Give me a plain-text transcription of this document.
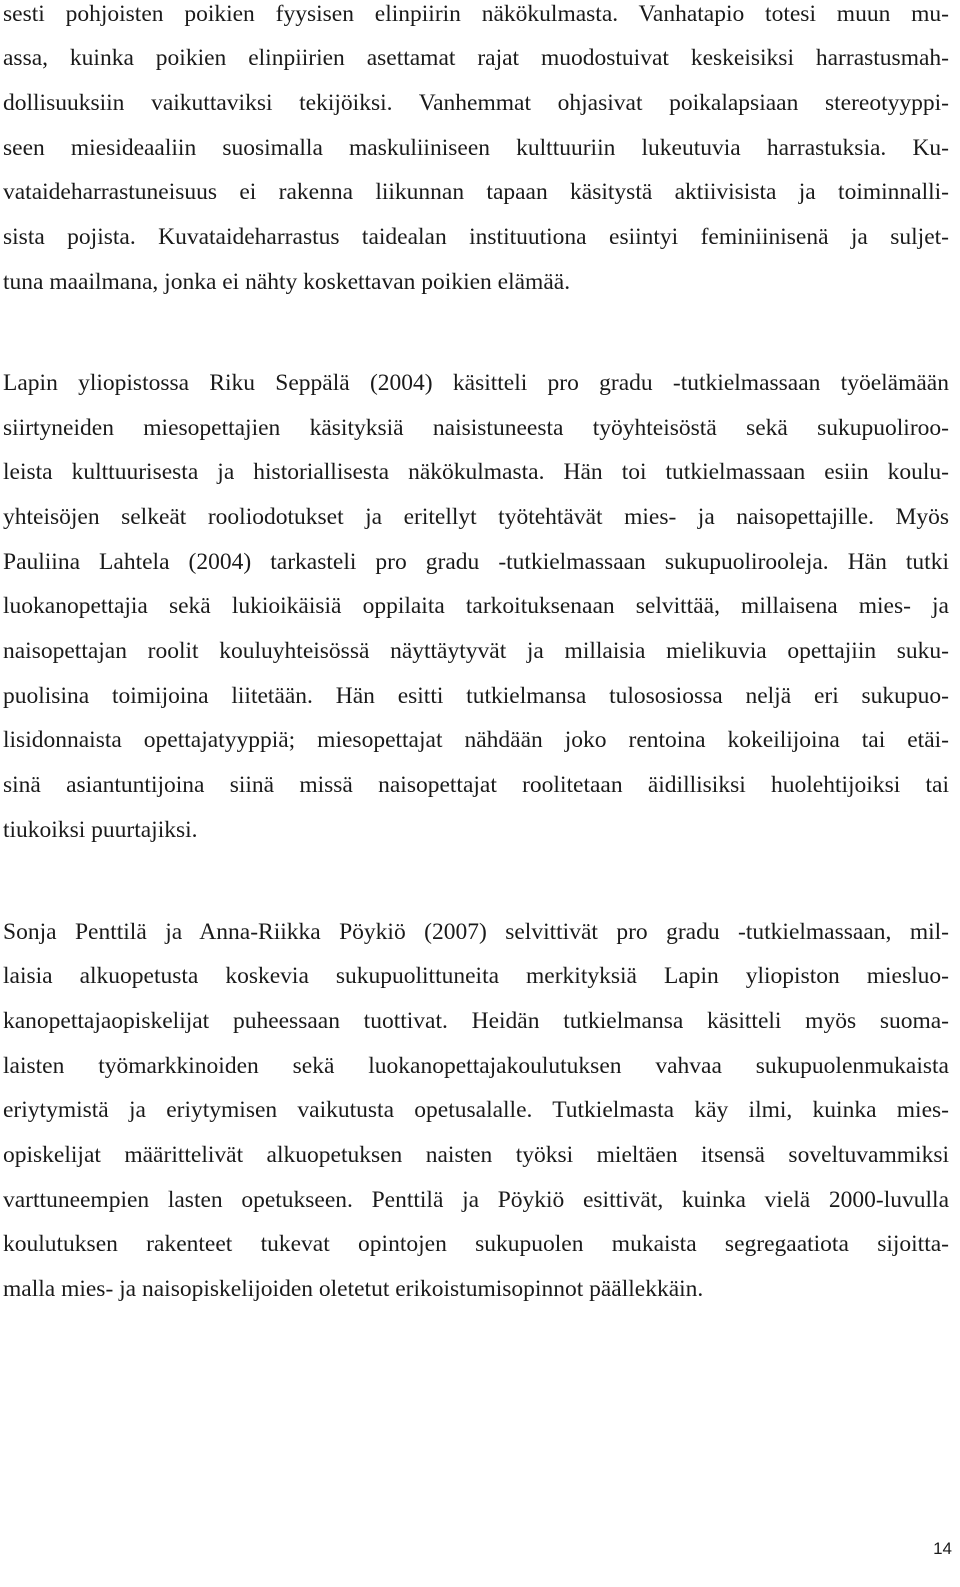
sesti pohjoisten poikien fyysisen elinpiirin näkökulmasta. Vanhatapio totesi muun mu-
assa, kuinka poikien elinpiirien asettamat rajat muodostuivat keskeisiksi harrastusmah-
dollisuuksiin vaikuttaviksi tekijöiksi. Vanhemmat ohjasivat poikalapsiaan stereotyyppi-
seen miesideaaliin suosimalla maskuliiniseen kulttuuriin lukeutuvia harrastuksia. Ku-
vataideharrastuneisuus ei rakenna liikunnan tapaan käsitystä aktiivisista ja toiminnalli-
sista pojista. Kuvataideharrastus taidealan instituutiona esiintyi feminiinisenä ja suljet-
tuna maailmana, jonka ei nähty koskettavan poikien elämää.
Lapin yliopistossa Riku Seppälä (2004) käsitteli pro gradu -tutkielmassaan työelämään
siirtyneiden miesopettajien käsityksiä naisistuneesta työyhteisöstä sekä sukupuoliroo-
leista kulttuurisesta ja historiallisesta näkökulmasta. Hän toi tutkielmassaan esiin koulu-
yhteisöjen selkeät rooliodotukset ja eritellyt työtehtävät mies- ja naisopettajille. Myös
Pauliina Lahtela (2004) tarkasteli pro gradu -tutkielmassaan sukupuolirooleja. Hän tutki
luokanopettajia sekä lukioikäisiä oppilaita tarkoituksenaan selvittää, millaisena mies- ja
naisopettajan roolit kouluyhteisössä näyttäytyvät ja millaisia mielikuvia opettajiin suku-
puolisina toimijoina liitetään. Hän esitti tutkielmansa tulososiossa neljä eri sukupuo-
lisidonnaista opettajatyyppiä; miesopettajat nähdään joko rentoina kokeilijoina tai etäi-
sinä asiantuntijoina siinä missä naisopettajat roolitetaan äidillisiksi huolehtijoiksi tai
tiukoiksi puurtajiksi.
Sonja Penttilä ja Anna-Riikka Pöykiö (2007) selvittivät pro gradu -tutkielmassaan, mil-
laisia alkuopetusta koskevia sukupuolittuneita merkityksiä Lapin yliopiston miesluo-
kanopettajaopiskelijat puheessaan tuottivat. Heidän tutkielmansa käsitteli myös suoma-
laisten työmarkkinoiden sekä luokanopettajakoulutuksen vahvaa sukupuolenmukaista
eriytymistä ja eriytymisen vaikutusta opetusalalle. Tutkielmasta käy ilmi, kuinka mies-
opiskelijat määrittelivät alkuopetuksen naisten työksi mieltäen itsensä soveltuvammiksi
varttuneempien lasten opetukseen. Penttilä ja Pöykiö esittivät, kuinka vielä 2000-luvulla
koulutuksen rakenteet tukevat opintojen sukupuolen mukaista segregaatiota sijoitta-
malla mies- ja naisopiskelijoiden oletetut erikoistumisopinnot päällekkäin.
14
